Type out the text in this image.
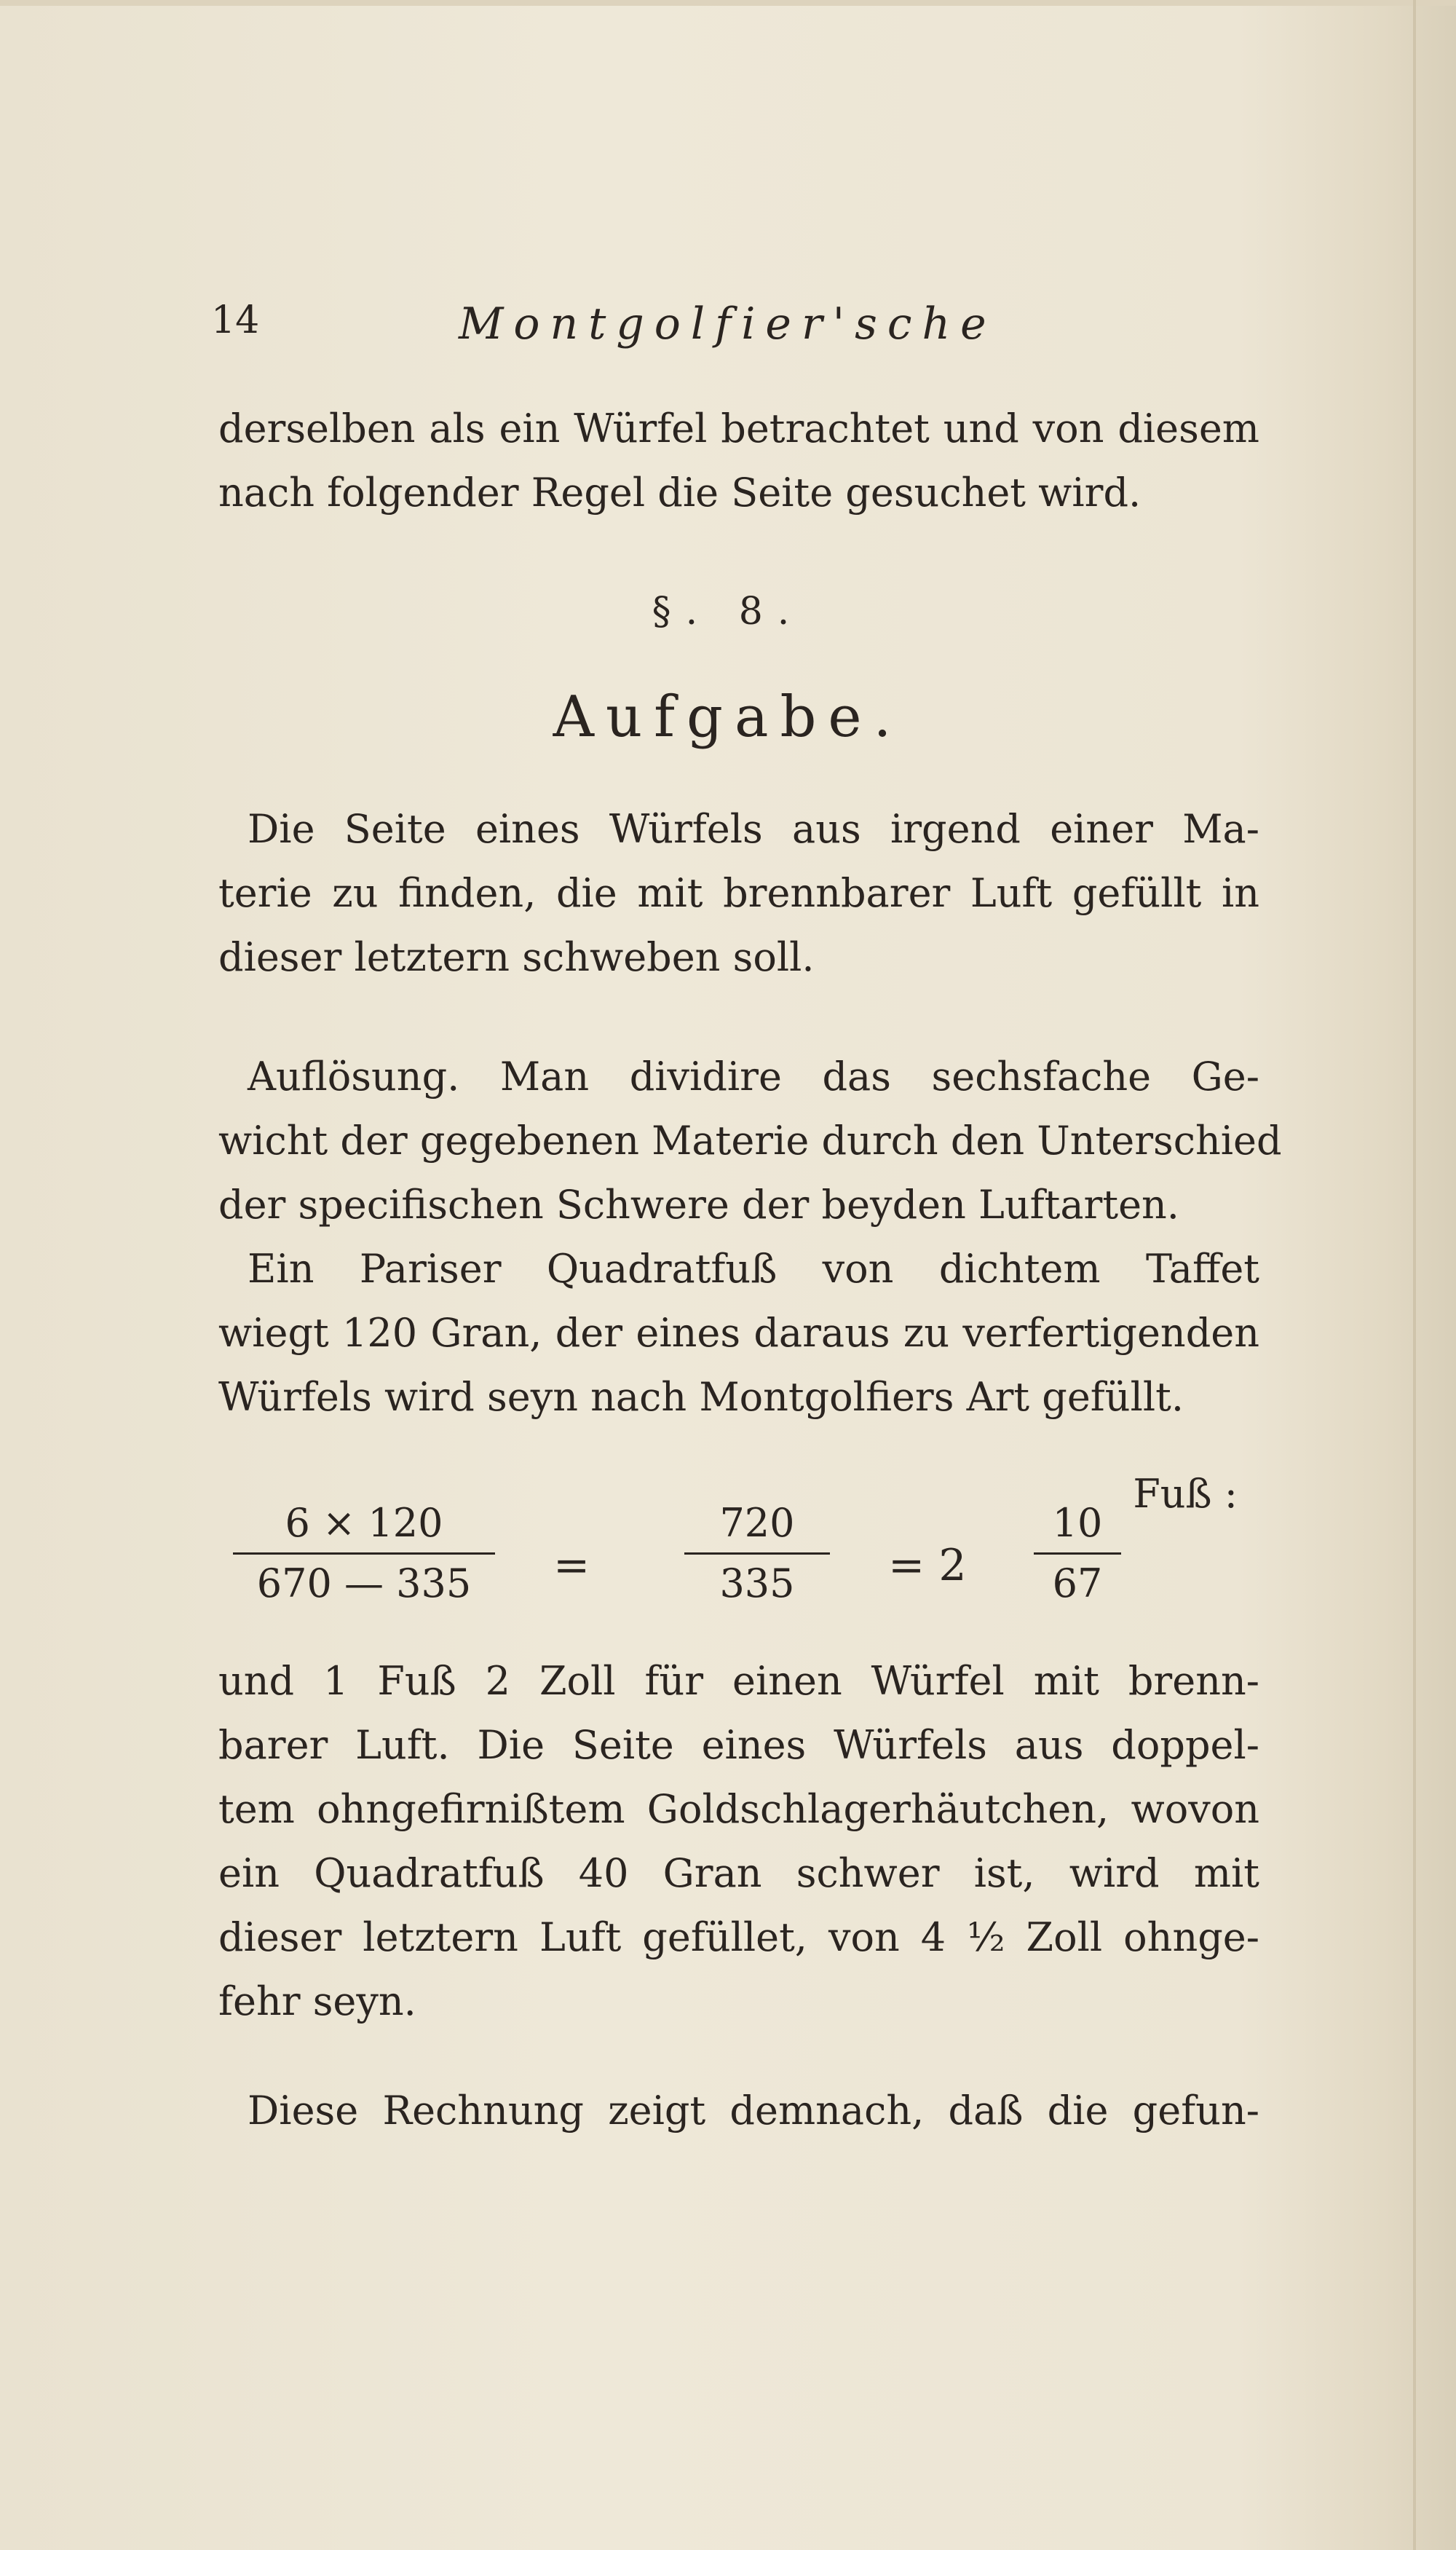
14	Montgolfier'sche
derselben als ein Würfel betrachtet und von diesem
nach folgender Regel die Seite gesuchet wird.
§. 8.
Aufgabe.
Die Seite eines Würfels aus irgend einer Ma-
terie zu finden, die mit brennbarer Luft gefüllt in
dieser letztern schweben soll.
Auflösung. Man dividire das sechsfache Ge-
wicht der gegebenen Materie durch den Unterschied
der specifischen Schwere der beyden Luftarten.
Ein Pariser Quadratfuß von dichtem Taffet
wiegt 120 Gran, der eines daraus zu verfertigenden
Würfels wird seyn nach Montgolfiers Art gefüllt.
6 × 120
670 — 335	=
720
335	= 2
10
67
Fuß :
und 1 Fuß 2 Zoll für einen Würfel mit brenn-
barer Luft. Die Seite eines Würfels aus doppel-
tem ohngefirnißtem Goldschlagerhäutchen, wovon
ein Quadratfuß 40 Gran schwer ist, wird mit
dieser letztern Luft gefüllet, von 4 ½ Zoll ohnge-
fehr seyn.
Diese Rechnung zeigt demnach, daß die gefun-
